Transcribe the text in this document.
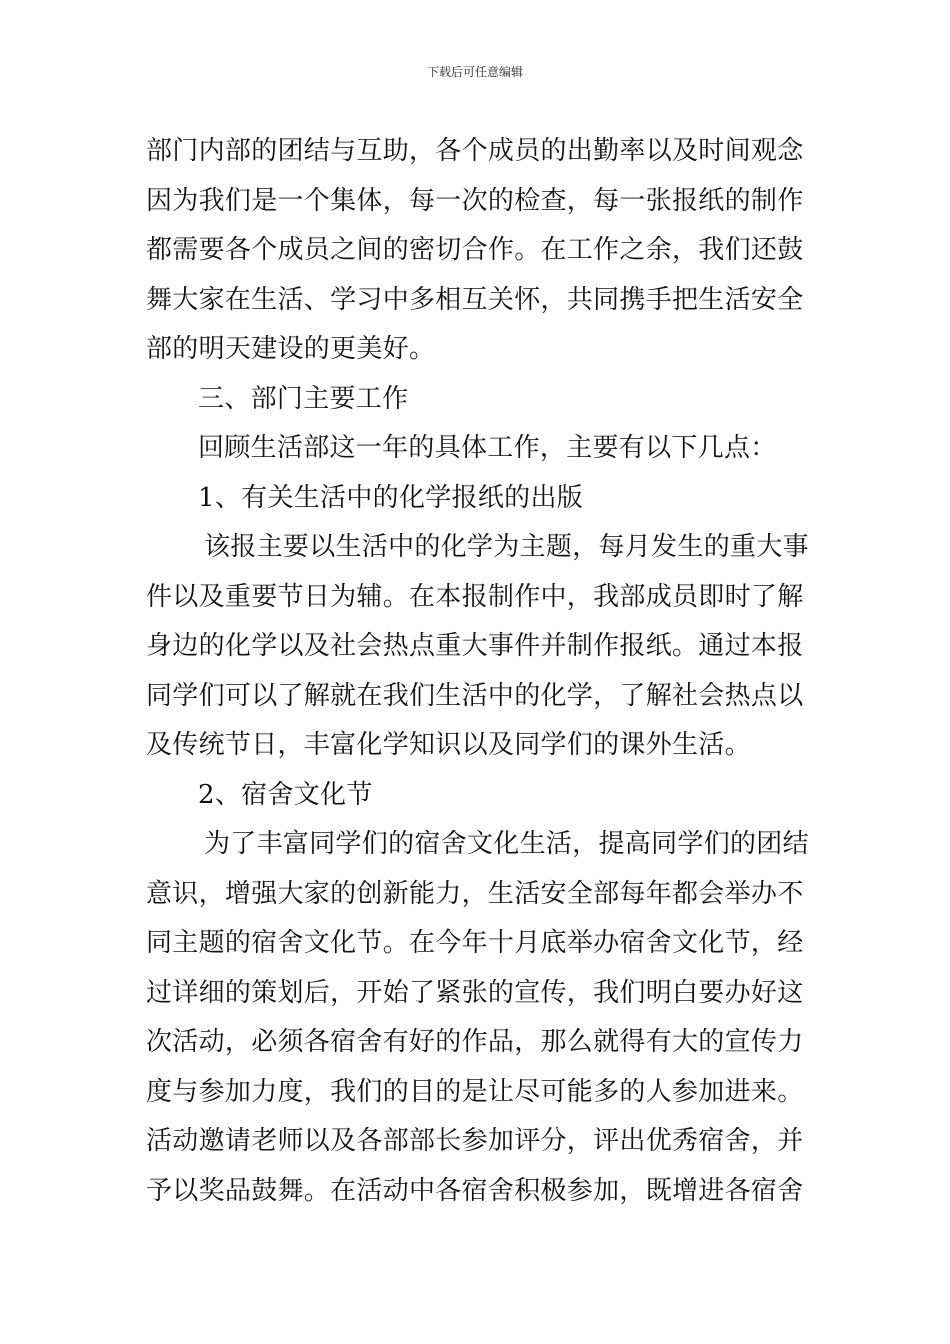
下载后可任意编辑
部门内部的团结与互助，各个成员的出勤率以及时间观念
因为我们是一个集体，每一次的检查，每一张报纸的制作
都需要各个成员之间的密切合作。在工作之余，我们还鼓
舞大家在生活、学习中多相互关怀，共同携手把生活安全
部的明天建设的更美好。
三、部门主要工作
回顾生活部这一年的具体工作，主要有以下几点：
1、有关生活中的化学报纸的出版
该报主要以生活中的化学为主题，每月发生的重大事
件以及重要节日为辅。在本报制作中，我部成员即时了解
身边的化学以及社会热点重大事件并制作报纸。通过本报
同学们可以了解就在我们生活中的化学，了解社会热点以
及传统节日，丰富化学知识以及同学们的课外生活。
2、宿舍文化节
为了丰富同学们的宿舍文化生活，提高同学们的团结
意识，增强大家的创新能力，生活安全部每年都会举办不
同主题的宿舍文化节。在今年十月底举办宿舍文化节，经
过详细的策划后，开始了紧张的宣传，我们明白要办好这
次活动，必须各宿舍有好的作品，那么就得有大的宣传力
度与参加力度，我们的目的是让尽可能多的人参加进来。
活动邀请老师以及各部部长参加评分，评出优秀宿舍，并
予以奖品鼓舞。在活动中各宿舍积极参加，既增进各宿舍
